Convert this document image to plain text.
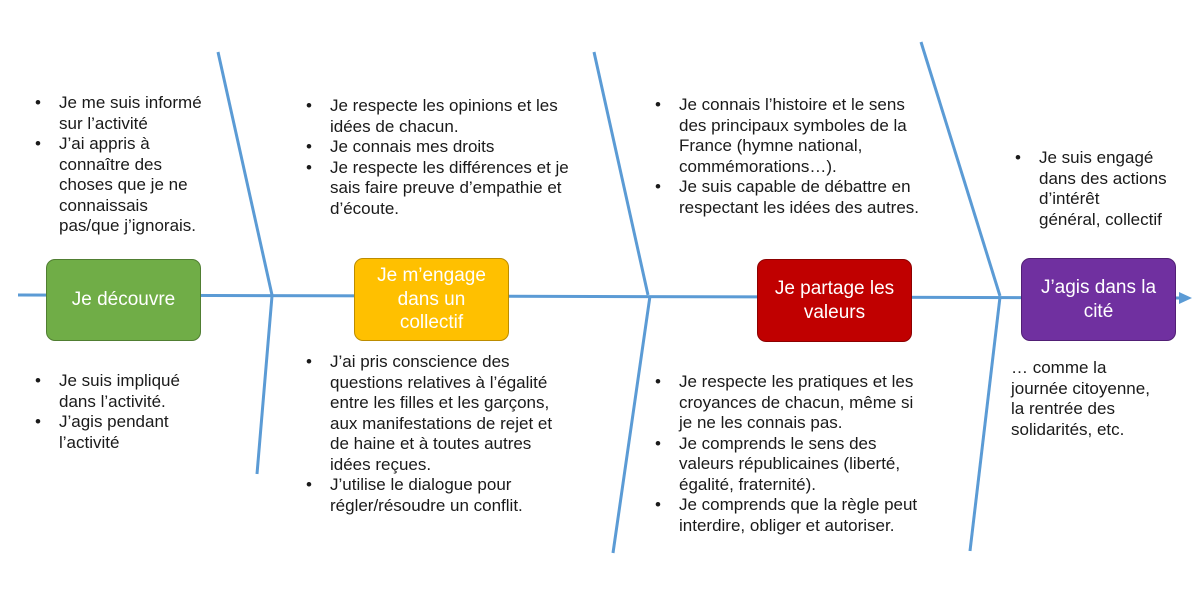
Je découvre
Je m’engage
dans un
collectif
Je partage les
valeurs
J’agis dans la
cité
• Je me suis informé
sur l’activité
• J’ai appris à
connaître des
choses que je ne
connaissais
pas/que j’ignorais.
• Je respecte les opinions et les
idées de chacun.
• Je connais mes droits
• Je respecte les différences et je
sais faire preuve d’empathie et
d’écoute.
• Je connais l’histoire et le sens
des principaux symboles de la
France (hymne national,
commémorations…).
• Je suis capable de débattre en
respectant les idées des autres.
• Je suis engagé
dans des actions
d’intérêt
général, collectif
• Je suis impliqué
dans l’activité.
• J’agis pendant
l’activité
• J’ai pris conscience des
questions relatives à l’égalité
entre les filles et les garçons,
aux manifestations de rejet et
de haine et à toutes autres
idées reçues.
• J’utilise le dialogue pour
régler/résoudre un conflit.
• Je respecte les pratiques et les
croyances de chacun, même si
je ne les connais pas.
• Je comprends le sens des
valeurs républicaines (liberté,
égalité, fraternité).
• Je comprends que la règle peut
interdire, obliger et autoriser.

… comme la
journée citoyenne,
la rentrée des
solidarités, etc.
